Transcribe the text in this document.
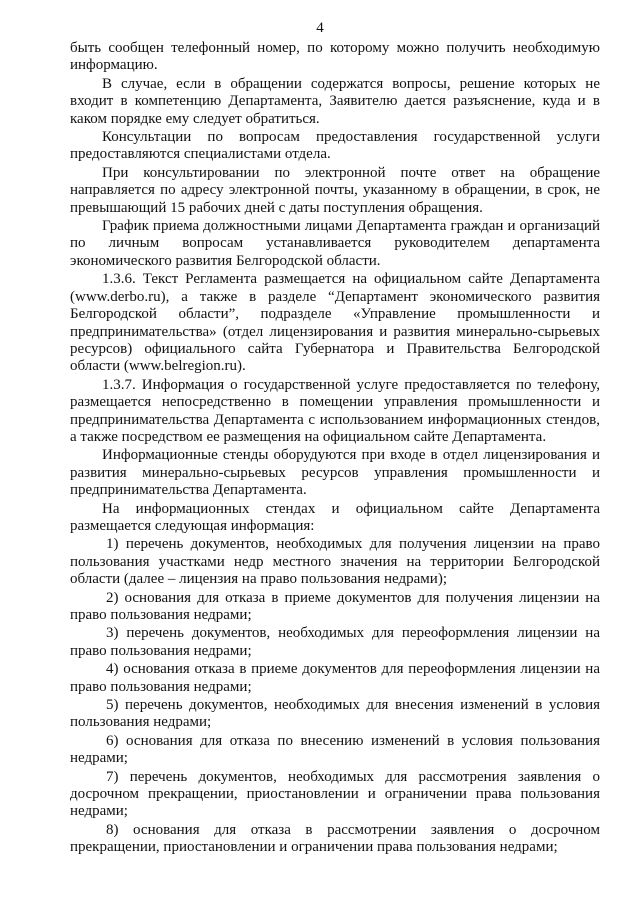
4

быть сообщен телефонный номер, по которому можно получить необходимую информацию.

В случае, если в обращении содержатся вопросы, решение которых не входит в компетенцию Департамента, Заявителю дается разъяснение, куда и в каком порядке ему следует обратиться.

Консультации по вопросам предоставления государственной услуги предоставляются специалистами отдела.

При консультировании по электронной почте ответ на обращение направляется по адресу электронной почты, указанному в обращении, в срок, не превышающий 15 рабочих дней с даты поступления обращения.

График приема должностными лицами Департамента граждан и организаций по личным вопросам устанавливается руководителем департамента экономического развития Белгородской области.

1.3.6. Текст Регламента размещается на официальном сайте Департамента (www.derbo.ru), а также в разделе “Департамент экономического развития Белгородской области”, подразделе «Управление промышленности и предпринимательства» (отдел лицензирования и развития минерально-сырьевых ресурсов) официального сайта Губернатора и Правительства Белгородской области (www.belregion.ru).

1.3.7. Информация о государственной услуге предоставляется по телефону, размещается непосредственно в помещении управления промышленности и предпринимательства Департамента с использованием информационных стендов, а также посредством ее размещения на официальном сайте Департамента.

Информационные стенды оборудуются при входе в отдел лицензирования и развития минерально-сырьевых ресурсов управления промышленности и предпринимательства Департамента.

На информационных стендах и официальном сайте Департамента размещается следующая информация:

1) перечень документов, необходимых для получения лицензии на право пользования участками недр местного значения на территории Белгородской области (далее – лицензия на право пользования недрами);

2) основания для отказа в приеме документов для получения лицензии на право пользования недрами;

3) перечень документов, необходимых для переоформления лицензии на право пользования недрами;

4) основания отказа в приеме документов для переоформления лицензии на право пользования недрами;

5) перечень документов, необходимых для внесения изменений в условия пользования недрами;

6) основания для отказа по внесению изменений в условия пользования недрами;

7) перечень документов, необходимых для рассмотрения заявления о досрочном прекращении, приостановлении и ограничении права пользования недрами;

8) основания для отказа в рассмотрении заявления о досрочном прекращении, приостановлении и ограничении права пользования недрами;
